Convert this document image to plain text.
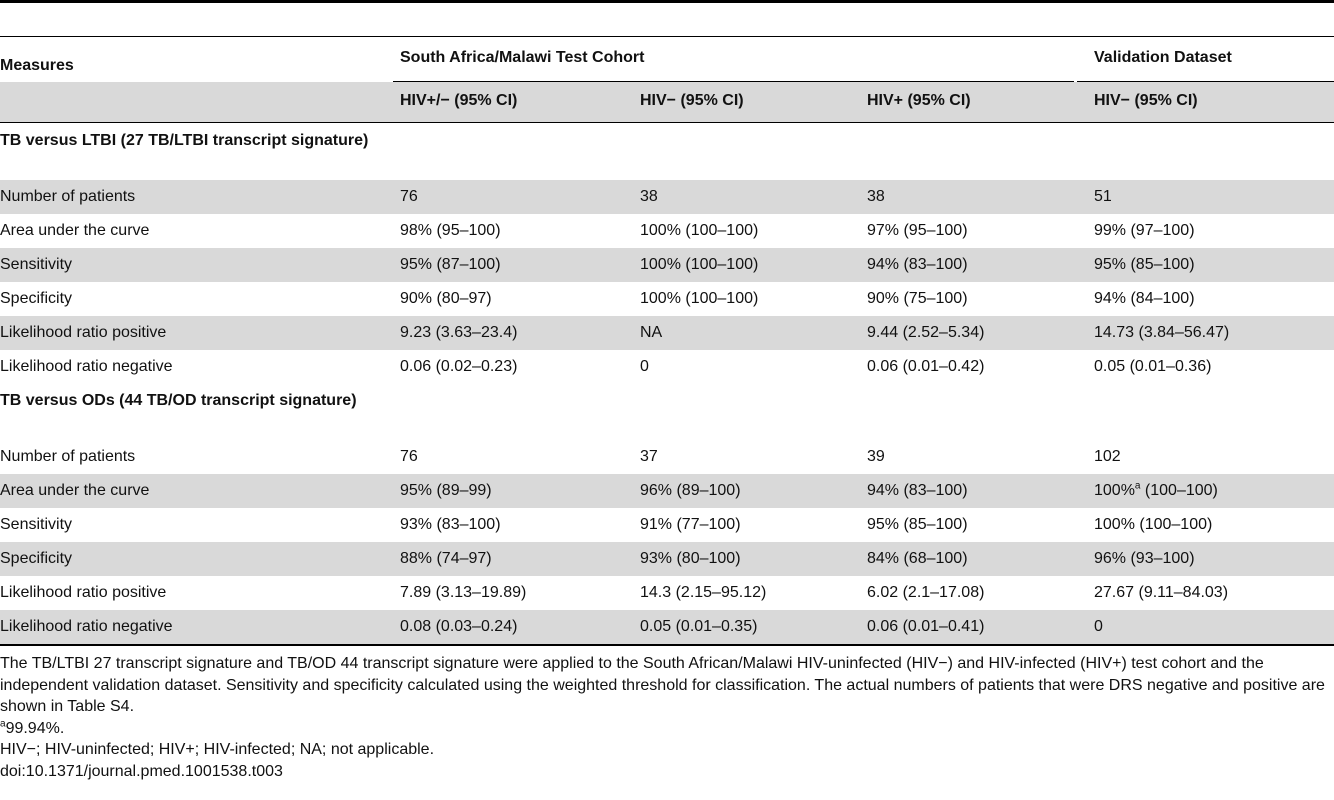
Measures	South Africa/Malawi Test Cohort	Validation Dataset
HIV+/− (95% CI)	HIV− (95% CI)	HIV+ (95% CI)	HIV− (95% CI)
TB versus LTBI (27 TB/LTBI transcript signature)
Number of patients	76	38	38	51
Area under the curve	98% (95–100)	100% (100–100)	97% (95–100)	99% (97–100)
Sensitivity	95% (87–100)	100% (100–100)	94% (83–100)	95% (85–100)
Specificity	90% (80–97)	100% (100–100)	90% (75–100)	94% (84–100)
Likelihood ratio positive	9.23 (3.63–23.4)	NA	9.44 (2.52–5.34)	14.73 (3.84–56.47)
Likelihood ratio negative	0.06 (0.02–0.23)	0	0.06 (0.01–0.42)	0.05 (0.01–0.36)
TB versus ODs (44 TB/OD transcript signature)
Number of patients	76	37	39	102
Area under the curve	95% (89–99)	96% (89–100)	94% (83–100)	100%$^a$ (100–100)
Sensitivity	93% (83–100)	91% (77–100)	95% (85–100)	100% (100–100)
Specificity	88% (74–97)	93% (80–100)	84% (68–100)	96% (93–100)
Likelihood ratio positive	7.89 (3.13–19.89)	14.3 (2.15–95.12)	6.02 (2.1–17.08)	27.67 (9.11–84.03)
Likelihood ratio negative	0.08 (0.03–0.24)	0.05 (0.01–0.35)	0.06 (0.01–0.41)	0

The TB/LTBI 27 transcript signature and TB/OD 44 transcript signature were applied to the South African/Malawi HIV-uninfected (HIV−) and HIV-infected (HIV+) test cohort and the independent validation dataset. Sensitivity and specificity calculated using the weighted threshold for classification. The actual numbers of patients that were DRS negative and positive are shown in Table S4.

$^a$99.94%.

HIV−; HIV-uninfected; HIV+; HIV-infected; NA; not applicable.

doi:10.1371/journal.pmed.1001538.t003
